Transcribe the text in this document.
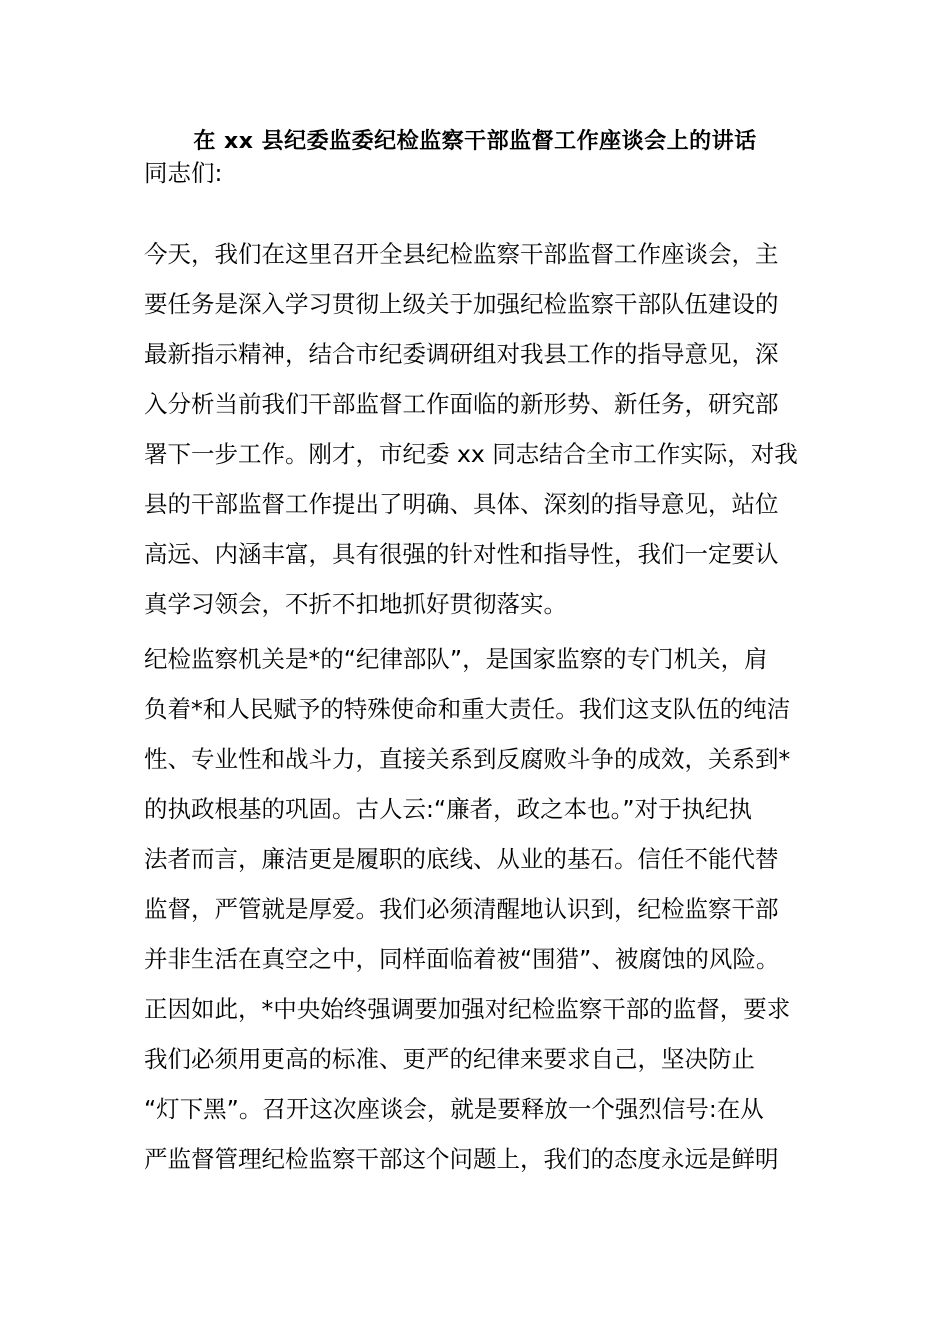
在 xx 县纪委监委纪检监察干部监督工作座谈会上的讲话
同志们:
今天，我们在这里召开全县纪检监察干部监督工作座谈会，主
要任务是深入学习贯彻上级关于加强纪检监察干部队伍建设的
最新指示精神，结合市纪委调研组对我县工作的指导意见，深
入分析当前我们干部监督工作面临的新形势、新任务，研究部
署下一步工作。刚才，市纪委 xx 同志结合全市工作实际，对我
县的干部监督工作提出了明确、具体、深刻的指导意见，站位
高远、内涵丰富，具有很强的针对性和指导性，我们一定要认
真学习领会，不折不扣地抓好贯彻落实。
纪检监察机关是*的“纪律部队”，是国家监察的专门机关，肩
负着*和人民赋予的特殊使命和重大责任。我们这支队伍的纯洁
性、专业性和战斗力，直接关系到反腐败斗争的成效，关系到*
的执政根基的巩固。古人云:“廉者，政之本也。”对于执纪执
法者而言，廉洁更是履职的底线、从业的基石。信任不能代替
监督，严管就是厚爱。我们必须清醒地认识到，纪检监察干部
并非生活在真空之中，同样面临着被“围猎”、被腐蚀的风险。
正因如此，*中央始终强调要加强对纪检监察干部的监督，要求
我们必须用更高的标准、更严的纪律来要求自己，坚决防止
“灯下黑”。召开这次座谈会，就是要释放一个强烈信号:在从
严监督管理纪检监察干部这个问题上，我们的态度永远是鲜明
